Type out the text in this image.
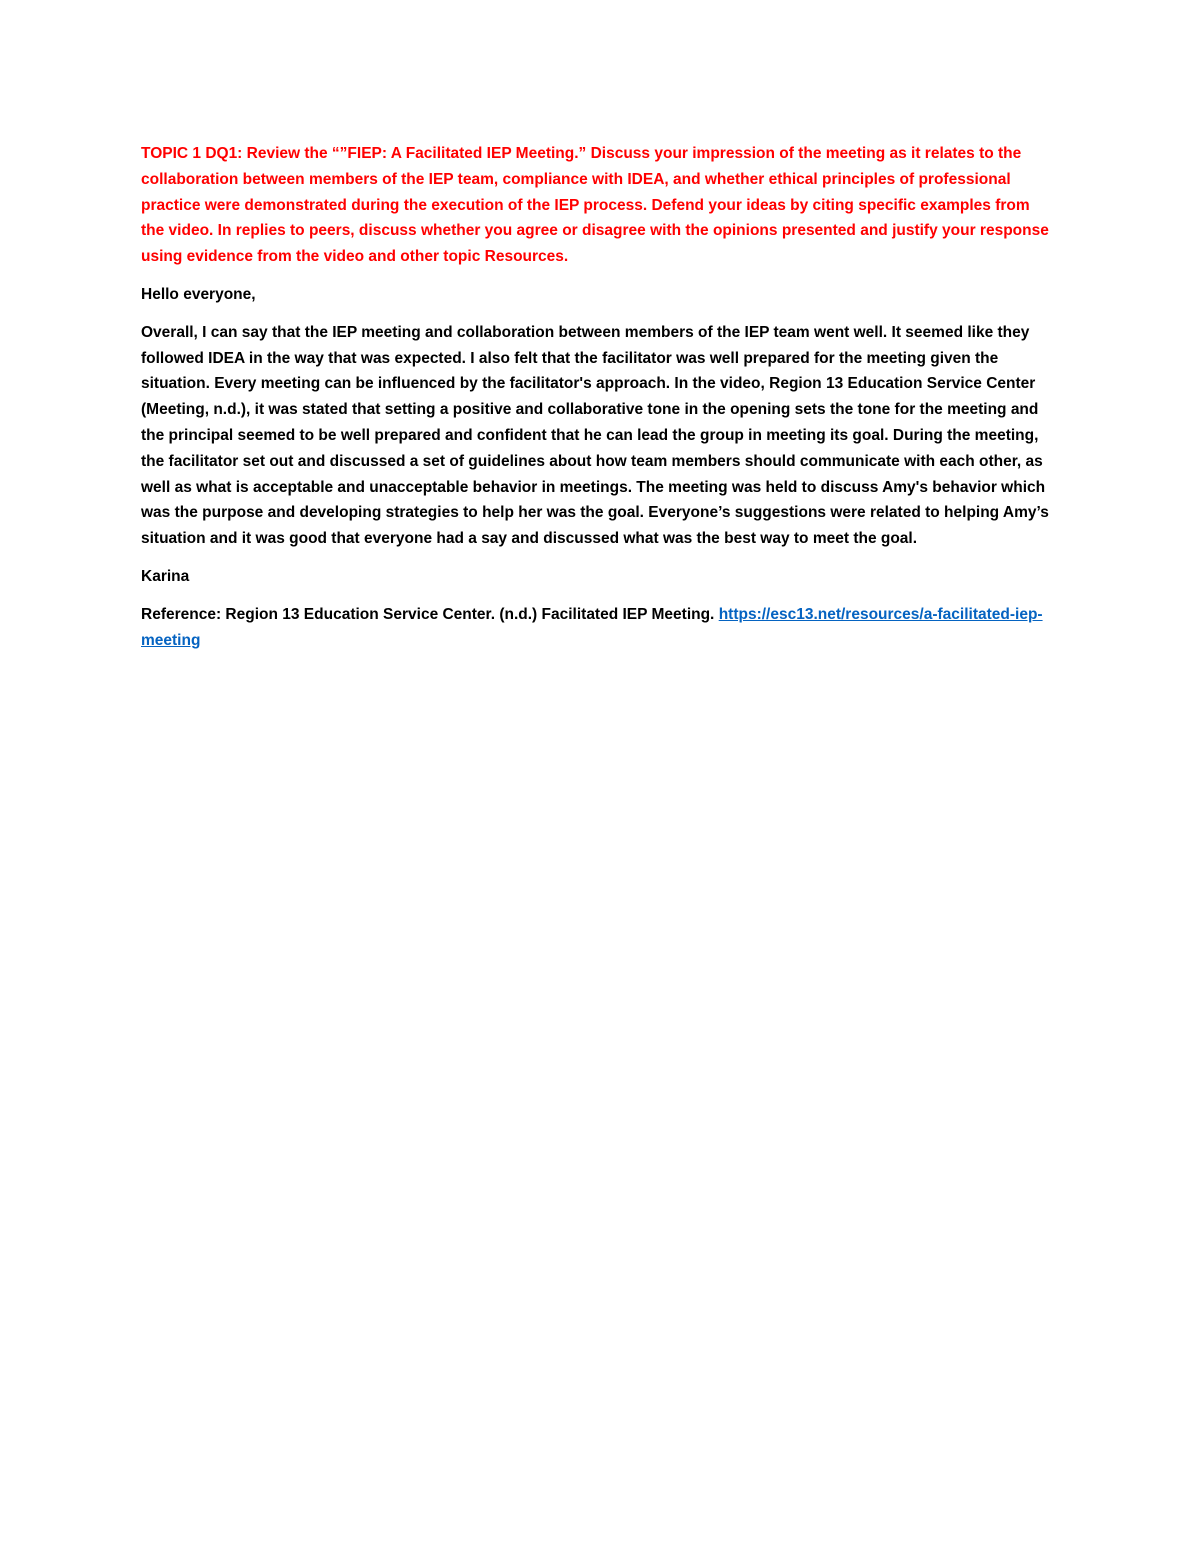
TOPIC 1 DQ1: Review the “”FIEP: A Facilitated IEP Meeting.” Discuss your impression of the meeting as it relates to the collaboration between members of the IEP team, compliance with IDEA, and whether ethical principles of professional practice were demonstrated during the execution of the IEP process. Defend your ideas by citing specific examples from the video. In replies to peers, discuss whether you agree or disagree with the opinions presented and justify your response using evidence from the video and other topic Resources.

Hello everyone,

Overall, I can say that the IEP meeting and collaboration between members of the IEP team went well. It seemed like they followed IDEA in the way that was expected. I also felt that the facilitator was well prepared for the meeting given the situation. Every meeting can be influenced by the facilitator's approach. In the video, Region 13 Education Service Center (Meeting, n.d.), it was stated that setting a positive and collaborative tone in the opening sets the tone for the meeting and the principal seemed to be well prepared and confident that he can lead the group in meeting its goal. During the meeting, the facilitator set out and discussed a set of guidelines about how team members should communicate with each other, as well as what is acceptable and unacceptable behavior in meetings. The meeting was held to discuss Amy's behavior which was the purpose and developing strategies to help her was the goal. Everyone’s suggestions were related to helping Amy’s situation and it was good that everyone had a say and discussed what was the best way to meet the goal.

Karina

Reference: Region 13 Education Service Center. (n.d.) Facilitated IEP Meeting. https://esc13.net/resources/a-facilitated-iep-meeting
